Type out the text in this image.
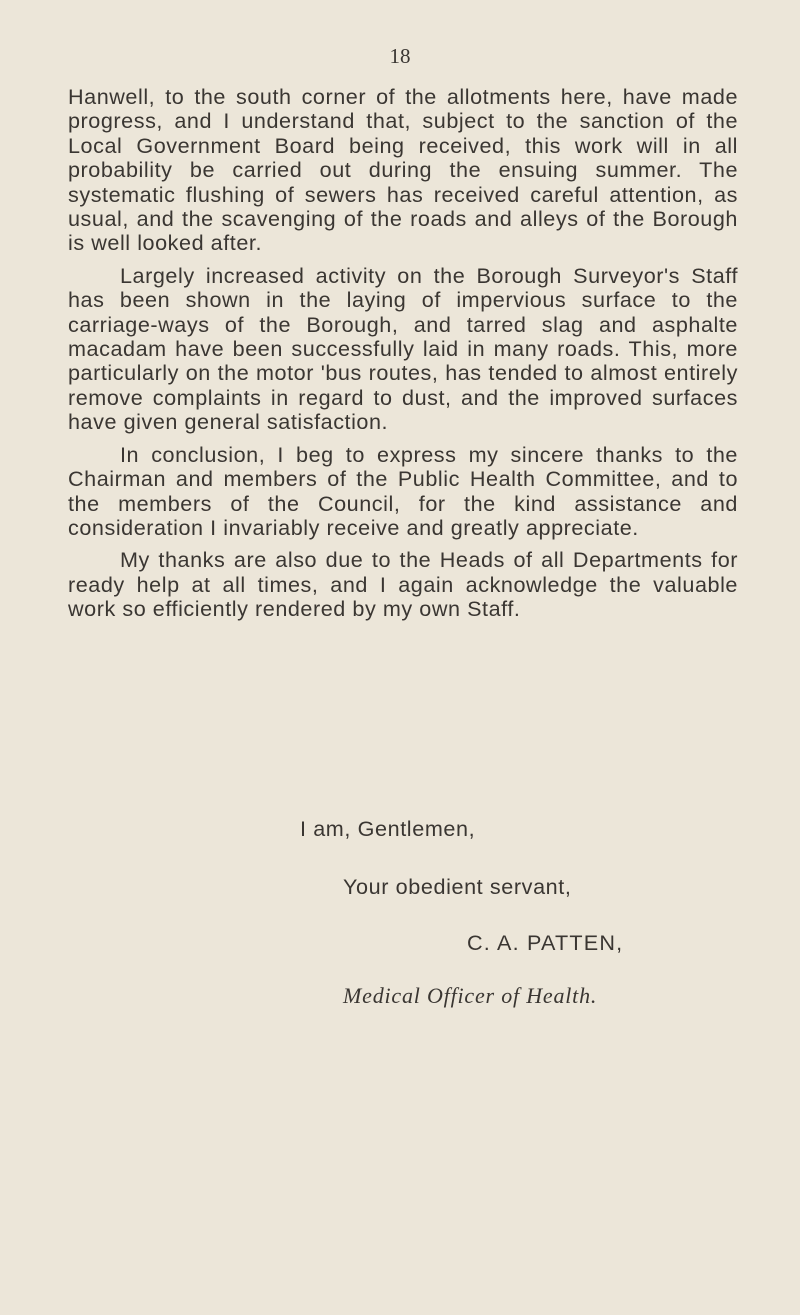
18

Hanwell, to the south corner of the allotments here, have made progress, and I understand that, subject to the sanction of the Local Government Board being received, this work will in all probability be carried out during the ensuing summer. The systematic flushing of sewers has received careful attention, as usual, and the scavenging of the roads and alleys of the Borough is well looked after.

Largely increased activity on the Borough Surveyor's Staff has been shown in the laying of impervious surface to the carriage-ways of the Borough, and tarred slag and asphalte macadam have been successfully laid in many roads. This, more particularly on the motor 'bus routes, has tended to almost entirely remove complaints in regard to dust, and the improved surfaces have given general satisfaction.

In conclusion, I beg to express my sincere thanks to the Chairman and members of the Public Health Committee, and to the members of the Council, for the kind assistance and consideration I invariably receive and greatly appreciate.

My thanks are also due to the Heads of all Departments for ready help at all times, and I again acknowledge the valuable work so efficiently rendered by my own Staff.

I am, Gentlemen,
Your obedient servant,
C. A. PATTEN,
Medical Officer of Health.
